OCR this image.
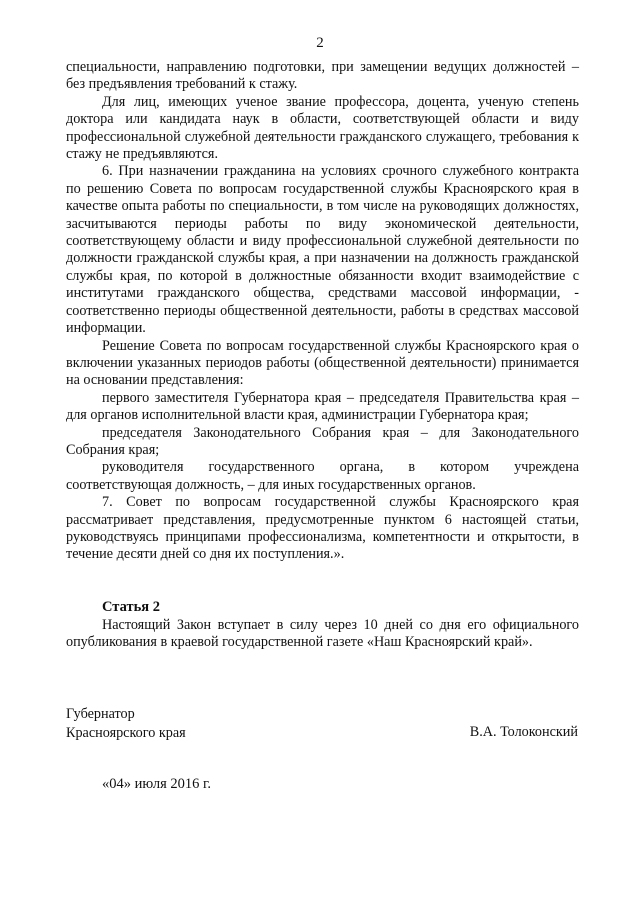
2

специальности, направлению подготовки, при замещении ведущих должностей – без предъявления требований к стажу.

Для лиц, имеющих ученое звание профессора, доцента, ученую степень доктора или кандидата наук в области, соответствующей области и виду профессиональной служебной деятельности гражданского служащего, требования к стажу не предъявляются.

6. При назначении гражданина на условиях срочного служебного контракта по решению Совета по вопросам государственной службы Красноярского края в качестве опыта работы по специальности, в том числе на руководящих должностях, засчитываются периоды работы по виду экономической деятельности, соответствующему области и виду профессиональной служебной деятельности по должности гражданской службы края, а при назначении на должность гражданской службы края, по которой в должностные обязанности входит взаимодействие с институтами гражданского общества, средствами массовой информации, - соответственно периоды общественной деятельности, работы в средствах массовой информации.

Решение Совета по вопросам государственной службы Красноярского края о включении указанных периодов работы (общественной деятельности) принимается на основании представления:

первого заместителя Губернатора края – председателя Правительства края – для органов исполнительной власти края, администрации Губернатора края;

председателя Законодательного Собрания края – для Законодательного Собрания края;

руководителя государственного органа, в котором учреждена соответствующая должность, – для иных государственных органов.

7. Совет по вопросам государственной службы Красноярского края рассматривает представления, предусмотренные пунктом 6 настоящей статьи, руководствуясь принципами профессионализма, компетентности и открытости, в течение десяти дней со дня их поступления.».

Статья 2

Настоящий Закон вступает в силу через 10 дней со дня его официального опубликования в краевой государственной газете «Наш Красноярский край».

Губернатор
Красноярского края	В.А. Толоконский
«04» июля 2016 г.
